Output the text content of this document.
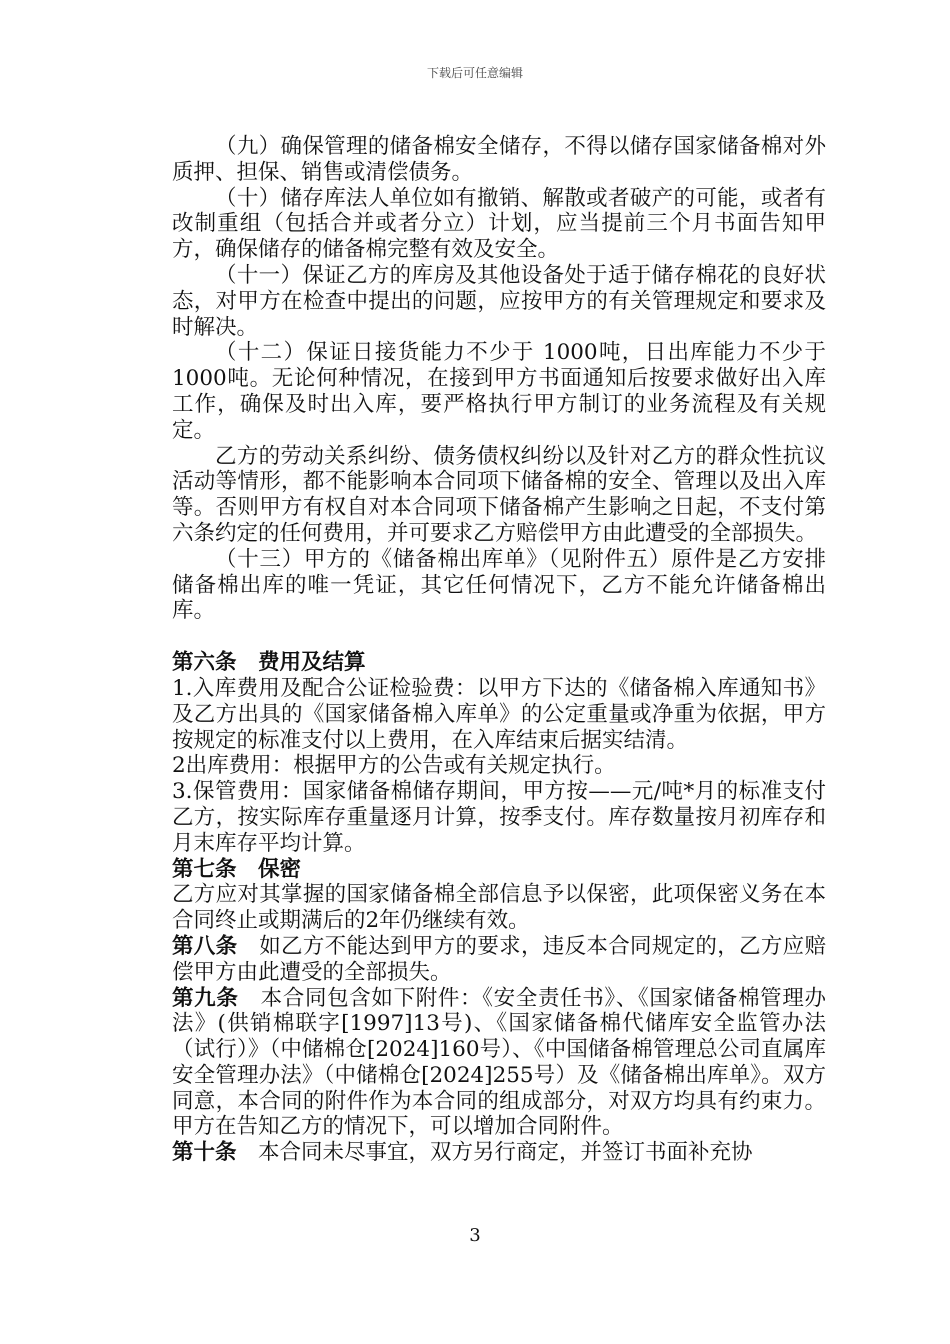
下载后可任意编辑

（九）确保管理的储备棉安全储存，不得以储存国家储备棉对外质押、担保、销售或清偿债务。

（十）储存库法人单位如有撤销、解散或者破产的可能，或者有改制重组（包括合并或者分立）计划，应当提前三个月书面告知甲方，确保储存的储备棉完整有效及安全。

（十一）保证乙方的库房及其他设备处于适于储存棉花的良好状态，对甲方在检查中提出的问题，应按甲方的有关管理规定和要求及时解决。

（十二）保证日接货能力不少于 1000吨，日出库能力不少于1000吨。无论何种情况，在接到甲方书面通知后按要求做好出入库工作，确保及时出入库，要严格执行甲方制订的业务流程及有关规定。

乙方的劳动关系纠纷、债务债权纠纷以及针对乙方的群众性抗议活动等情形，都不能影响本合同项下储备棉的安全、管理以及出入库等。否则甲方有权自对本合同项下储备棉产生影响之日起，不支付第六条约定的任何费用，并可要求乙方赔偿甲方由此遭受的全部损失。

（十三）甲方的《储备棉出库单》（见附件五）原件是乙方安排储备棉出库的唯一凭证，其它任何情况下，乙方不能允许储备棉出库。

第六条　费用及结算

1.入库费用及配合公证检验费：以甲方下达的《储备棉入库通知书》及乙方出具的《国家储备棉入库单》的公定重量或净重为依据，甲方按规定的标准支付以上费用，在入库结束后据实结清。

2出库费用：根据甲方的公告或有关规定执行。

3.保管费用：国家储备棉储存期间，甲方按——元/吨*月的标准支付乙方，按实际库存重量逐月计算，按季支付。库存数量按月初库存和月末库存平均计算。

第七条　保密

乙方应对其掌握的国家储备棉全部信息予以保密，此项保密义务在本合同终止或期满后的2年仍继续有效。

第八条　如乙方不能达到甲方的要求，违反本合同规定的，乙方应赔偿甲方由此遭受的全部损失。

第九条　本合同包含如下附件：《安全责任书》、《国家储备棉管理办法》(供销棉联字[1997]13号)、《国家储备棉代储库安全监管办法（试行）》（中储棉仓[2024]160号）、《中国储备棉管理总公司直属库安全管理办法》（中储棉仓[2024]255号）及《储备棉出库单》。双方同意，本合同的附件作为本合同的组成部分，对双方均具有约束力。甲方在告知乙方的情况下，可以增加合同附件。

第十条　本合同未尽事宜，双方另行商定，并签订书面补充协

3
